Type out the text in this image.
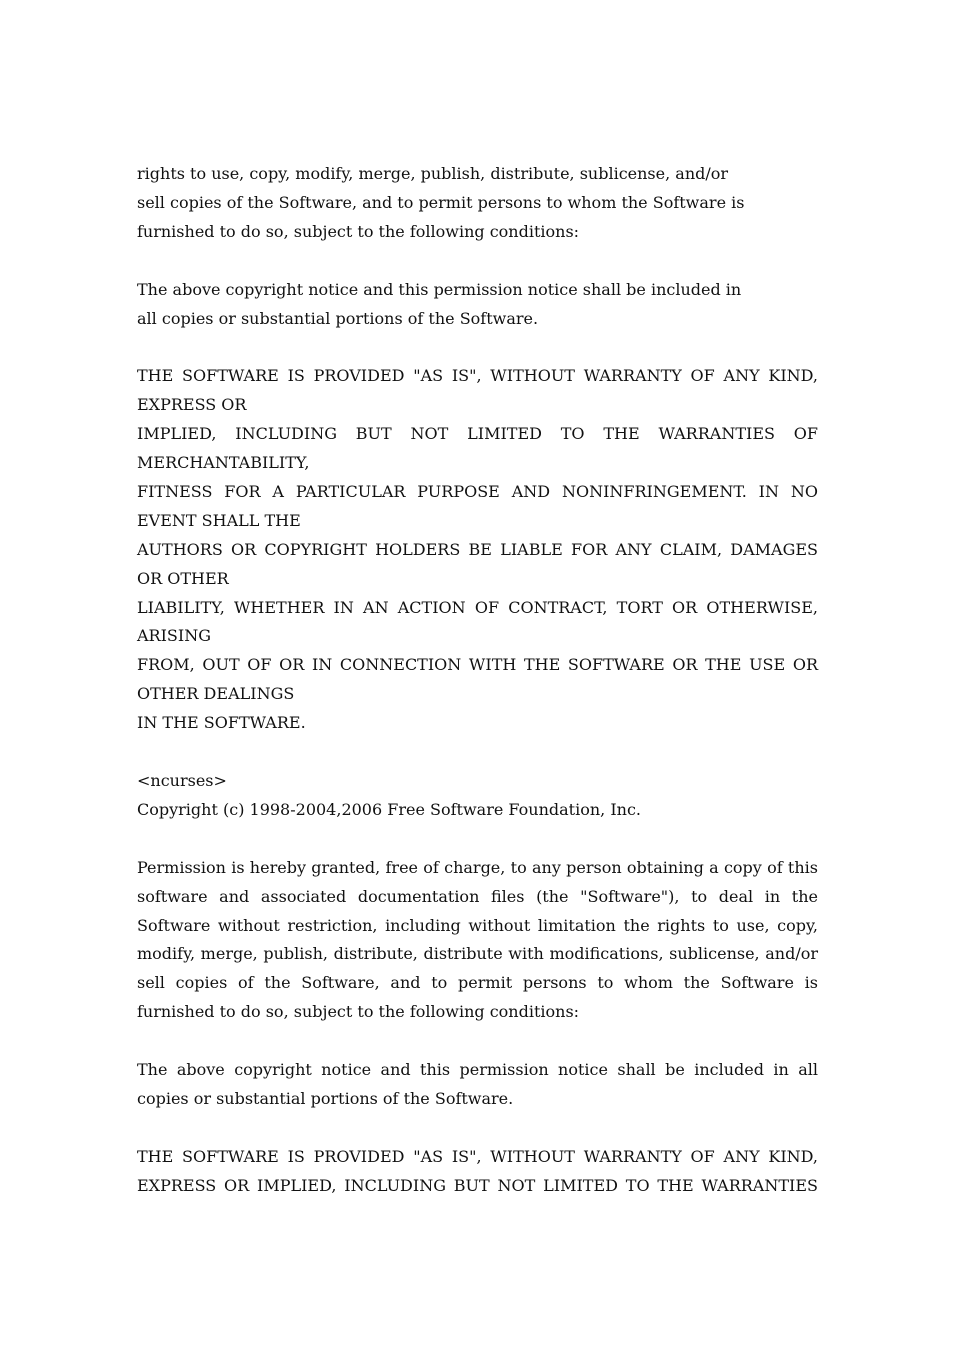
rights to use, copy, modify, merge, publish, distribute, sublicense, and/or
sell copies of the Software, and to permit persons to whom the Software is
furnished to do so, subject to the following conditions:
The above copyright notice and this permission notice shall be included in
all copies or substantial portions of the Software.
THE SOFTWARE IS PROVIDED "AS IS", WITHOUT WARRANTY OF ANY KIND,
EXPRESS OR
IMPLIED, INCLUDING BUT NOT LIMITED TO THE WARRANTIES OF
MERCHANTABILITY,
FITNESS FOR A PARTICULAR PURPOSE AND NONINFRINGEMENT. IN NO
EVENT SHALL THE
AUTHORS OR COPYRIGHT HOLDERS BE LIABLE FOR ANY CLAIM, DAMAGES
OR OTHER
LIABILITY, WHETHER IN AN ACTION OF CONTRACT, TORT OR OTHERWISE,
ARISING
FROM, OUT OF OR IN CONNECTION WITH THE SOFTWARE OR THE USE OR
OTHER DEALINGS
IN THE SOFTWARE.
<ncurses>
Copyright (c) 1998-2004,2006 Free Software Foundation, Inc.
Permission is hereby granted, free of charge, to any person obtaining a copy of this software and associated documentation files (the "Software"), to deal in the Software without restriction, including without limitation the rights to use, copy, modify, merge, publish, distribute, distribute with modifications, sublicense, and/or sell copies of the Software, and to permit persons to whom the Software is furnished to do so, subject to the following conditions:
The above copyright notice and this permission notice shall be included in all copies or substantial portions of the Software.
THE SOFTWARE IS PROVIDED "AS IS", WITHOUT WARRANTY OF ANY KIND,
EXPRESS OR IMPLIED, INCLUDING BUT NOT LIMITED TO THE WARRANTIES
